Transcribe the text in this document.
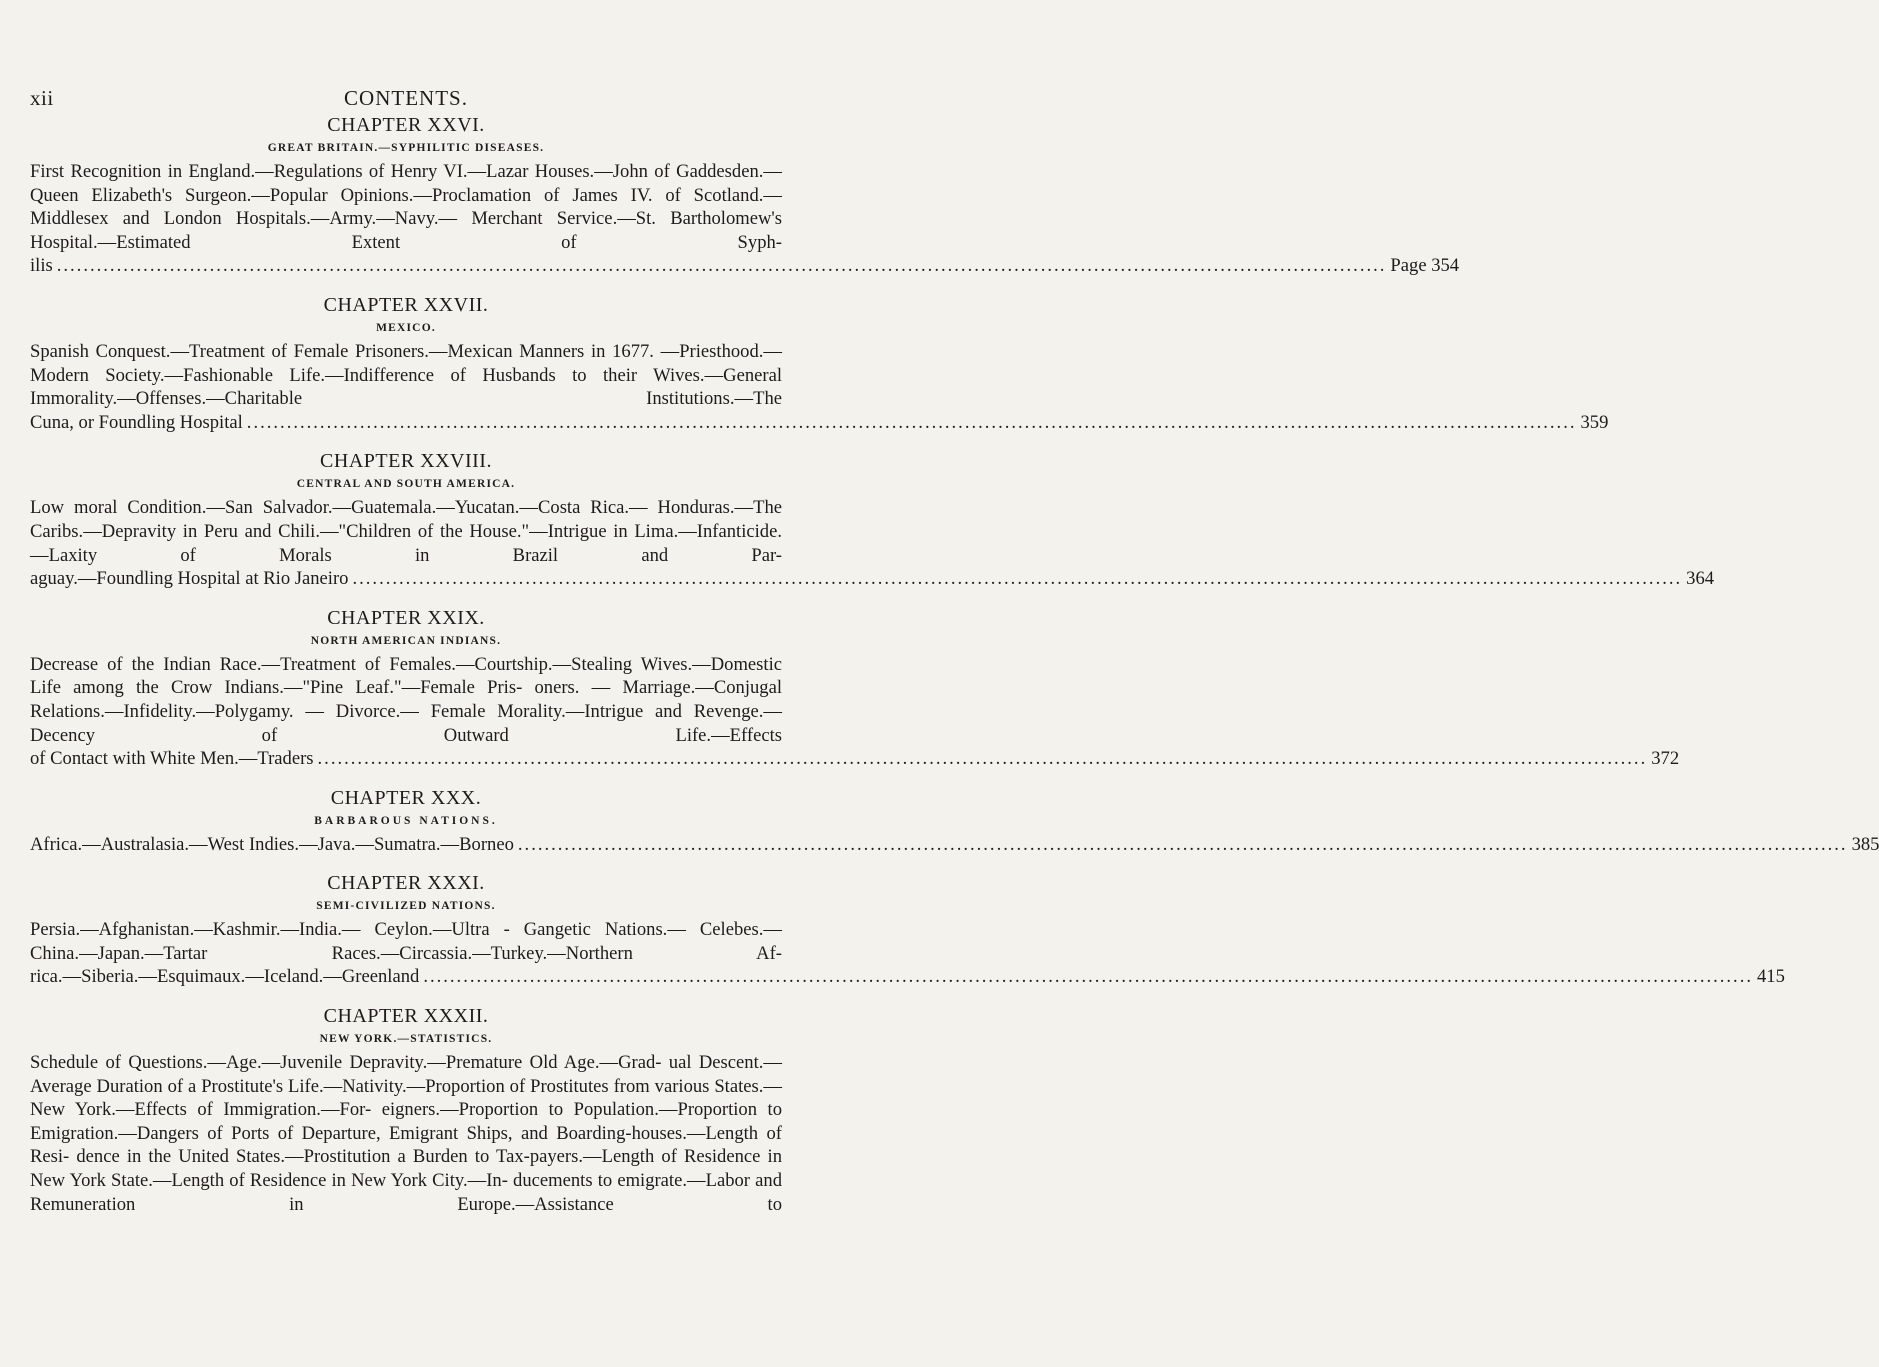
xii	CONTENTS.
CHAPTER XXVI.
GREAT BRITAIN.—SYPHILITIC DISEASES.
First Recognition in England.—Regulations of Henry VI.—Lazar Houses.—John of Gaddesden.—Queen Elizabeth's Surgeon.—Popular Opinions.—Proclamation of James IV. of Scotland.—Middlesex and London Hospitals.—Army.—Navy.— Merchant Service.—St. Bartholomew's Hospital.—Estimated Extent of Syph-
ilis ........................................................................................................................................................................................................ Page 354
CHAPTER XXVII.
MEXICO.
Spanish Conquest.—Treatment of Female Prisoners.—Mexican Manners in 1677. —Priesthood.—Modern Society.—Fashionable Life.—Indifference of Husbands to their Wives.—General Immorality.—Offenses.—Charitable Institutions.—The
Cuna, or Foundling Hospital ........................................................................................................................................................................................................ 359
CHAPTER XXVIII.
CENTRAL AND SOUTH AMERICA.
Low moral Condition.—San Salvador.—Guatemala.—Yucatan.—Costa Rica.— Honduras.—The Caribs.—Depravity in Peru and Chili.—"Children of the House."—Intrigue in Lima.—Infanticide.—Laxity of Morals in Brazil and Par-
aguay.—Foundling Hospital at Rio Janeiro ........................................................................................................................................................................................................ 364
CHAPTER XXIX.
NORTH AMERICAN INDIANS.
Decrease of the Indian Race.—Treatment of Females.—Courtship.—Stealing Wives.—Domestic Life among the Crow Indians.—"Pine Leaf."—Female Pris- oners. — Marriage.—Conjugal Relations.—Infidelity.—Polygamy. — Divorce.— Female Morality.—Intrigue and Revenge.—Decency of Outward Life.—Effects
of Contact with White Men.—Traders ........................................................................................................................................................................................................ 372
CHAPTER XXX.
BARBAROUS NATIONS.
Africa.—Australasia.—West Indies.—Java.—Sumatra.—Borneo ........................................................................................................................................................................................................ 385
CHAPTER XXXI.
SEMI-CIVILIZED NATIONS.
Persia.—Afghanistan.—Kashmir.—India.— Ceylon.—Ultra - Gangetic Nations.— Celebes.—China.—Japan.—Tartar Races.—Circassia.—Turkey.—Northern Af-
rica.—Siberia.—Esquimaux.—Iceland.—Greenland ........................................................................................................................................................................................................ 415
CHAPTER XXXII.
NEW YORK.—STATISTICS.
Schedule of Questions.—Age.—Juvenile Depravity.—Premature Old Age.—Grad- ual Descent.—Average Duration of a Prostitute's Life.—Nativity.—Proportion of Prostitutes from various States.—New York.—Effects of Immigration.—For- eigners.—Proportion to Population.—Proportion to Emigration.—Dangers of Ports of Departure, Emigrant Ships, and Boarding-houses.—Length of Resi- dence in the United States.—Prostitution a Burden to Tax-payers.—Length of Residence in New York State.—Length of Residence in New York City.—In- ducements to emigrate.—Labor and Remuneration in Europe.—Assistance to
